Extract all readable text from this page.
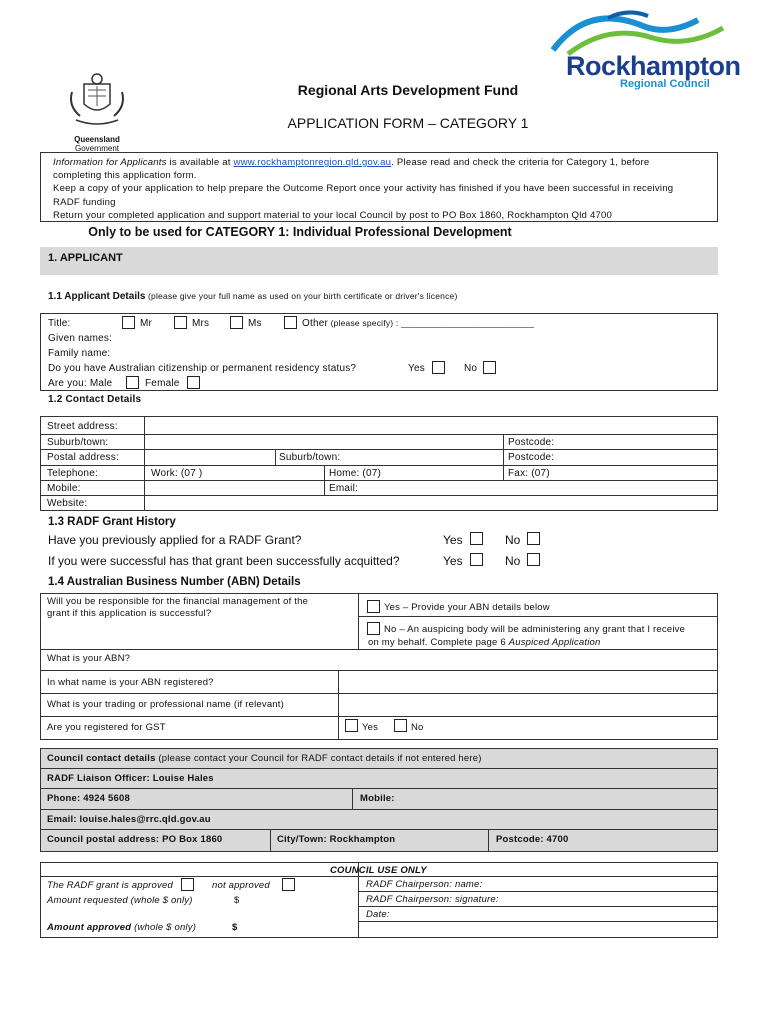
Queensland
Government
Rockhampton
Regional Council
Regional Arts Development Fund
APPLICATION FORM – CATEGORY 1
Information for Applicants is available at www.rockhamptonregion.qld.gov.au. Please read and check the criteria for Category 1, before
completing this application form.
Keep a copy of your application to help prepare the Outcome Report once your activity has finished if you have been successful in receiving
RADF funding
Return your completed application and support material to your local Council by post to PO Box 1860, Rockhampton Qld 4700
Only to be used for CATEGORY 1: Individual Professional Development
1. APPLICANT
1.1 Applicant Details (please give your full name as used on your birth certificate or driver's licence)
Title:	Mr	Mrs	Ms	Other (please specify) : ___________________________
Given names:
Family name:
Do you have Australian citizenship or permanent residency status?	Yes	No
Are you: Male	Female
1.2 Contact Details
Street address:
Suburb/town:	Postcode:
Postal address:	Suburb/town:	Postcode:
Telephone:	Work: (07 )	Home: (07)	Fax: (07)
Mobile:	Email:
Website:
1.3 RADF Grant History
Have you previously applied for a RADF Grant?	Yes	No
If you were successful has that grant been successfully acquitted?	Yes	No
1.4 Australian Business Number (ABN) Details
Will you be responsible for the financial management of the
grant if this application is successful?
Yes – Provide your ABN details below
No – An auspicing body will be administering any grant that I receive
on my behalf. Complete page 6 Auspiced Application
What is your ABN?
In what name is your ABN registered?
What is your trading or professional name (if relevant)
Are you registered for GST	Yes	No
Council contact details (please contact your Council for RADF contact details if not entered here)
RADF Liaison Officer: Louise Hales
Phone: 4924 5608	Mobile:
Email: louise.hales@rrc.qld.gov.au
Council postal address: PO Box 1860	City/Town: Rockhampton	Postcode: 4700
COUNCIL USE ONLY
The RADF grant is approved	not approved
Amount requested (whole $ only)	$
Amount approved (whole $ only)	$
RADF Chairperson: name:
RADF Chairperson: signature:
Date:
